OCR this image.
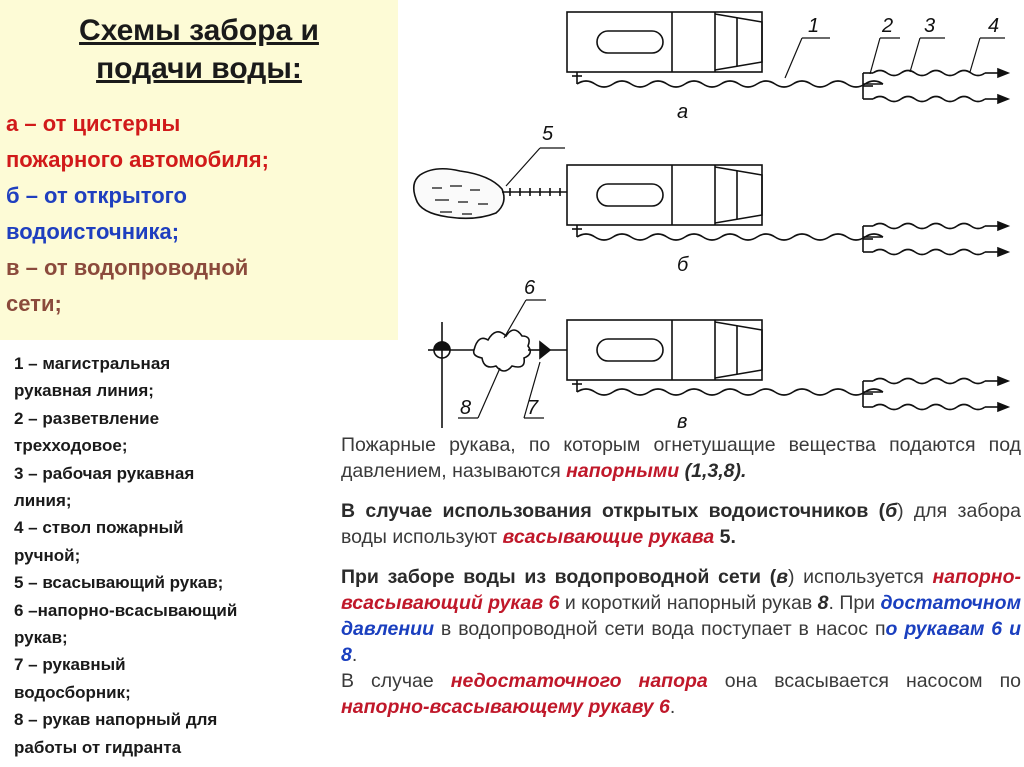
Схемы забора и
подачи воды:
а – от цистерны
пожарного автомобиля;
б – от открытого
водоисточника;
в – от водопроводной
сети;
1 – магистральная
рукавная линия;
2 – разветвление
трехходовое;
3 – рабочая рукавная
линия;
4 – ствол пожарный
ручной;
5 – всасывающий рукав;
6 –напорно-всасывающий
рукав;
7 – рукавный
водосборник;
8 – рукав напорный для
работы от гидранта
1	2 3	4
а
5
б
6
8	7
в

Пожарные рукава, по которым огнетушащие вещества подаются под давлением, называются напорными (1,3,8).

В случае использования открытых водоисточников (б) для забора воды используют всасывающие рукава 5.

При заборе воды из водопроводной сети (в) используется напорно-всасывающий рукав 6 и короткий напорный рукав 8. При достаточном давлении в водопроводной сети вода поступает в насос по рукавам 6 и 8.

В случае недостаточного напора она всасывается насосом по напорно-всасывающему рукаву 6.
